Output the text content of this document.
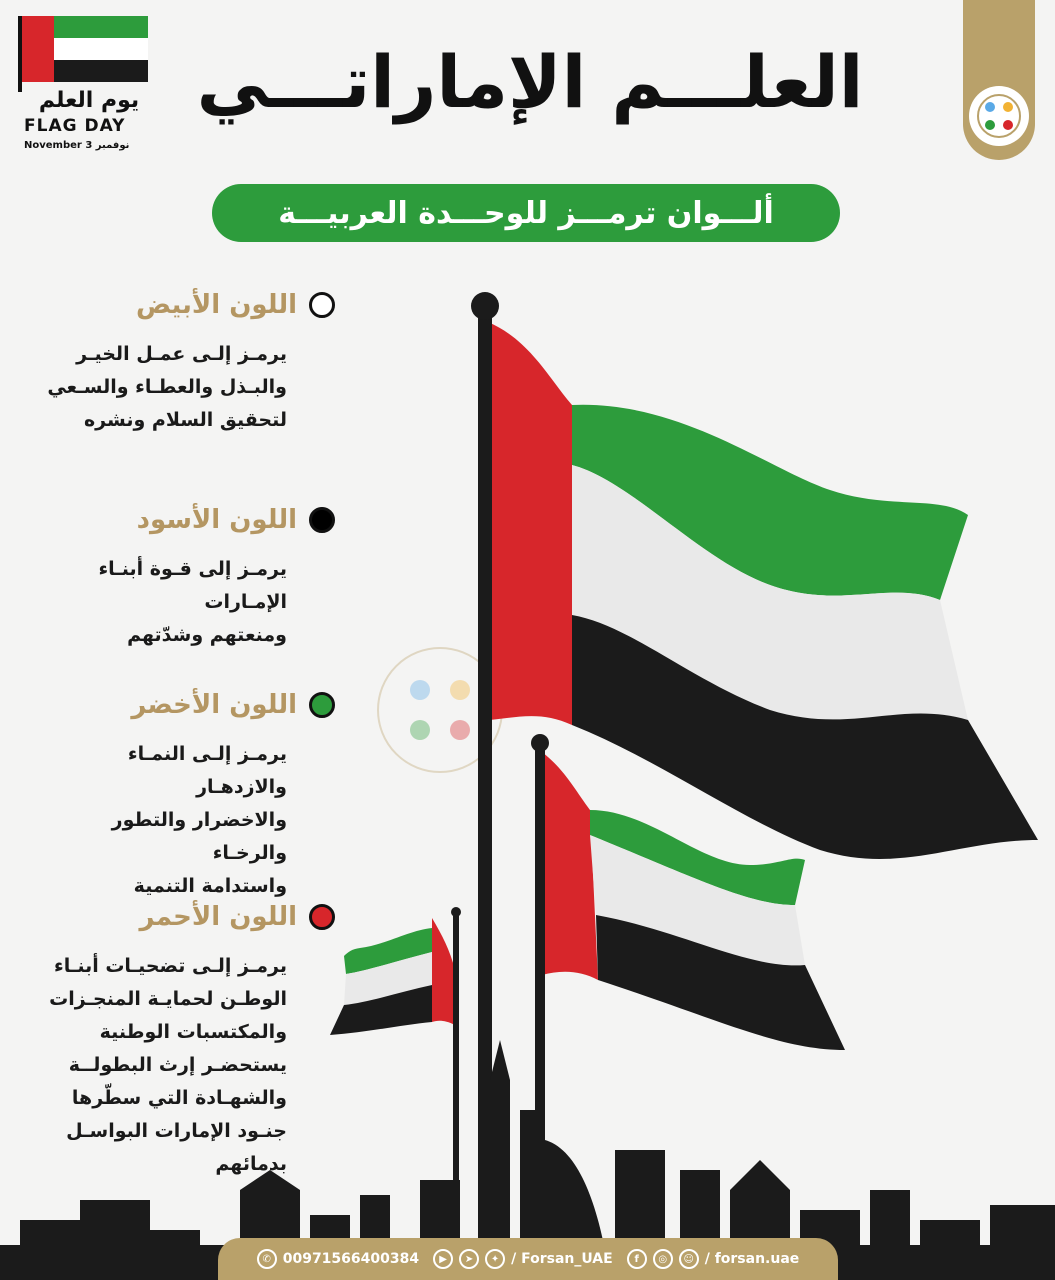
يوم العلم
FLAG DAY
November 3 نوفمبر
العلـــم الإماراتـــي
ألـــوان ترمـــز للوحـــدة العربيـــة
اللون الأبيض
يرمـز إلـى عمـل الخيـر
والبـذل والعطـاء والسـعي
لتحقيق السلام ونشره
اللون الأسود
يرمـز إلى قـوة أبنـاء الإمـارات
ومنعتهم وشدّتهم
اللون الأخضر
يرمـز إلـى النمـاء والازدهـار
والاخضرار والتطور والرخـاء
واستدامة التنمية
اللون الأحمر
يرمـز إلـى تضحيـات أبنـاء
الوطـن لحمايـة المنجـزات
والمكتسبات الوطنية
يستحضـر إرث البطولــة
والشهـادة التي سطّرها
جنـود الإمارات البواسـل
بدمائهم
✆ 00971566400384	▶	➤	✦ / Forsan_UAE	f	◎	☺ / forsan.uae
